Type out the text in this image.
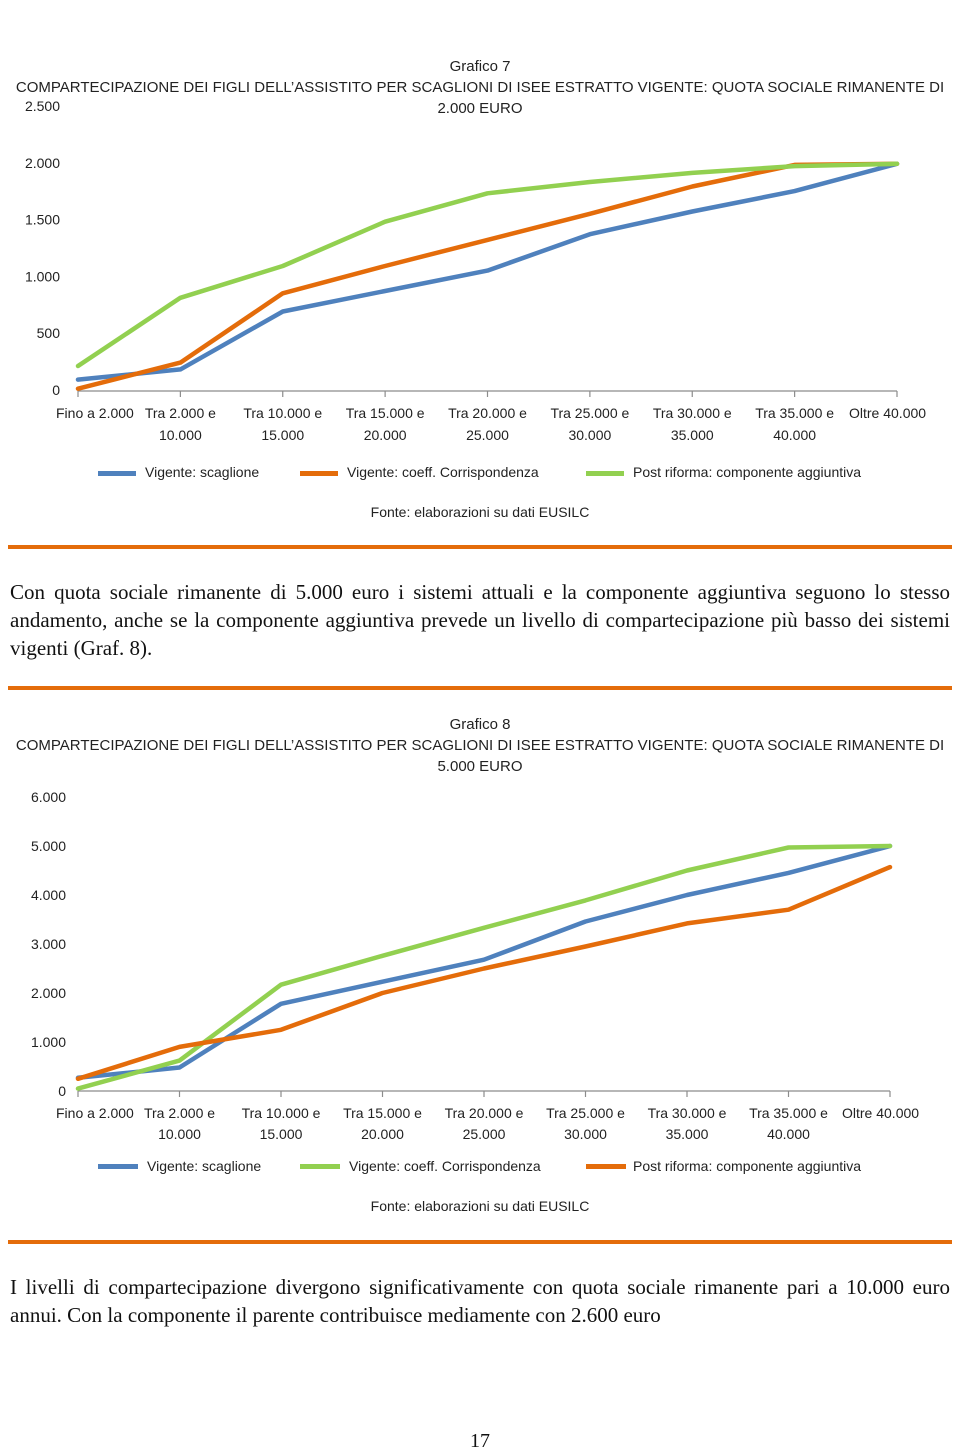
Grafico 7
COMPARTECIPAZIONE DEI FIGLI DELL’ASSISTITO PER SCAGLIONI DI ISEE ESTRATTO VIGENTE: QUOTA SOCIALE RIMANENTE DI
2.000 EURO
0
500
1.000
1.500
2.000
2.500
Fino a 2.000 Tra 2.000 e
10.000
Tra 10.000 e
15.000
Tra 15.000 e
20.000
Tra 20.000 e
25.000
Tra 25.000 e
30.000
Tra 30.000 e
35.000
Tra 35.000 e
40.000
Oltre 40.000
Vigente: scaglione	Vigente: coeff. Corrispondenza	Post riforma: componente aggiuntiva
Fonte: elaborazioni su dati EUSILC
Con quota sociale rimanente di 5.000 euro i sistemi attuali e la componente aggiuntiva seguono lo stesso andamento, anche se la componente aggiuntiva prevede un livello di compartecipazione più basso dei sistemi vigenti (Graf. 8).
Grafico 8
COMPARTECIPAZIONE DEI FIGLI DELL’ASSISTITO PER SCAGLIONI DI ISEE ESTRATTO VIGENTE: QUOTA SOCIALE RIMANENTE DI
5.000 EURO
0
1.000
2.000
3.000
4.000
5.000
6.000
Fino a 2.000 Tra 2.000 e
10.000
Tra 10.000 e
15.000
Tra 15.000 e
20.000
Tra 20.000 e
25.000
Tra 25.000 e
30.000
Tra 30.000 e
35.000
Tra 35.000 e
40.000
Oltre 40.000
Vigente: scaglione	Vigente: coeff. Corrispondenza	Post riforma: componente aggiuntiva
Fonte: elaborazioni su dati EUSILC
I livelli di compartecipazione divergono significativamente con quota sociale rimanente pari a 10.000 euro annui. Con la componente il parente contribuisce mediamente con 2.600 euro
17
